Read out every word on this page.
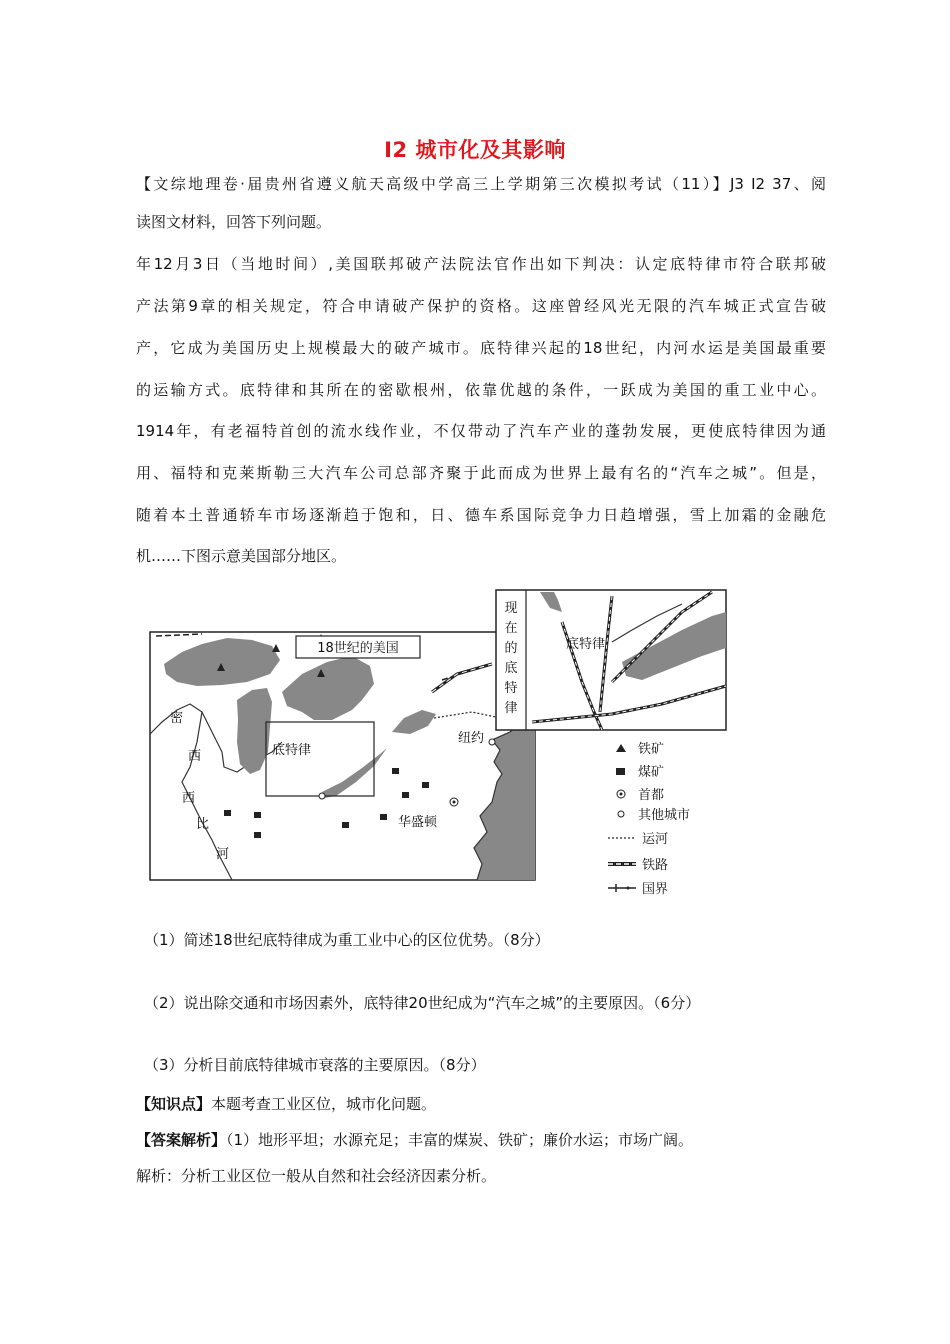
I2 城市化及其影响
【文综地理卷·届贵州省遵义航天高级中学高三上学期第三次模拟考试（11）】J3 I2 37、阅
读图文材料，回答下列问题。
年12月3日（当地时间）,美国联邦破产法院法官作出如下判决：认定底特律市符合联邦破
产法第9章的相关规定，符合申请破产保护的资格。这座曾经风光无限的汽车城正式宣告破
产，它成为美国历史上规模最大的破产城市。底特律兴起的18世纪，内河水运是美国最重要
的运输方式。底特律和其所在的密歇根州，依靠优越的条件，一跃成为美国的重工业中心。
1914年，有老福特首创的流水线作业，不仅带动了汽车产业的蓬勃发展，更使底特律因为通
用、福特和克莱斯勒三大汽车公司总部齐聚于此而成为世界上最有名的“汽车之城”。但是，
随着本土普通轿车市场逐渐趋于饱和，日、德车系国际竞争力日趋增强，雪上加霜的金融危
机……下图示意美国部分地区。
18世纪的美国
底特律
纽约
华盛顿
密
西
西
比
河
现
在
的
底
特
律
底特律
铁矿
煤矿
首都
其他城市
运河
铁路
国界
（1）简述18世纪底特律成为重工业中心的区位优势。（8分）
（2）说出除交通和市场因素外，底特律20世纪成为“汽车之城”的主要原因。（6分）
（3）分析目前底特律城市衰落的主要原因。（8分）
【知识点】本题考查工业区位，城市化问题。
【答案解析】（1）地形平坦；水源充足；丰富的煤炭、铁矿；廉价水运；市场广阔。
解析：分析工业区位一般从自然和社会经济因素分析。
